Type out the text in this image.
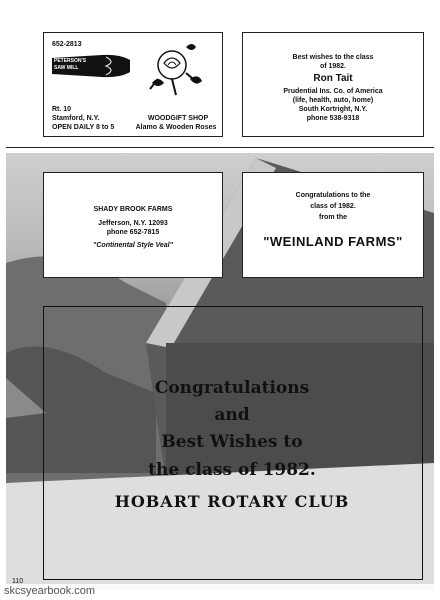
652-2813
PETERSON'S
SAW MILL
Rt. 10
Stamford, N.Y.
OPEN DAILY 8 to 5
WOODGIFT SHOP
Alamo & Wooden Roses
Best wishes to the class
of 1982.
Ron Tait
Prudential Ins. Co. of America
(life, health, auto, home)
South Kortright, N.Y.
phone 538-9318
SHADY BROOK FARMS
Jefferson, N.Y. 12093
phone 652-7815
"Continental Style Veal"
Congratulations to the
class of 1982.
from the
"WEINLAND FARMS"
Congratulations
and
Best Wishes to
the class of 1982.
HOBART ROTARY CLUB
110
skcsyearbook.com
